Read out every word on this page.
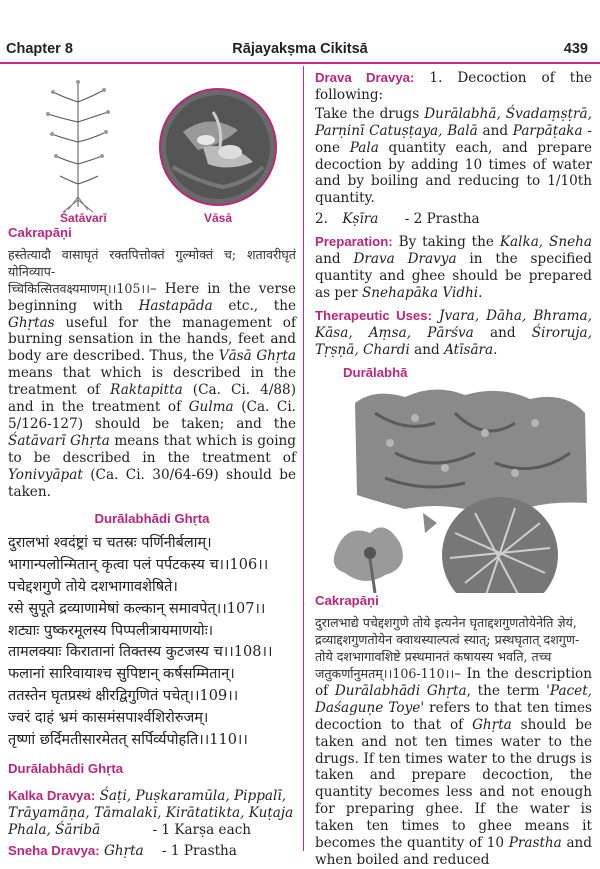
Chapter 8	Rājayakṣma Cikitsā	439
Śatāvarī	Vāsā
Cakrapāṇi
हस्तेत्यादौ वासाघृतं रक्तपित्तोक्तं गुल्मोक्तं च; शतावरीघृतं योनिव्याप-
च्चिकित्सितवक्ष्यमाणम्।।105।।– Here in the verse beginning with Hastapāda etc., the Ghṛtas useful for the management of burning sensation in the hands, feet and body are described. Thus, the Vāsā Ghṛta means that which is described in the treatment of Raktapitta (Ca. Ci. 4/88) and in the treatment of Gulma (Ca. Ci. 5/126-127) should be taken; and the Śatāvarī Ghṛta means that which is going to be described in the treatment of Yonivyāpat (Ca. Ci. 30/64-69) should be taken.
Durālabhādi Ghṛta
दुरालभां श्वदंष्ट्रां च चतस्रः पर्णिनीर्बलाम्।
भागान्पलोन्मितान् कृत्वा पलं पर्पटकस्य च।।106।।
पचेद्दशगुणे तोये दशभागावशेषिते।
रसे सुपूते द्रव्याणामेषां कल्कान् समावपेत्।।107।।
शट्याः पुष्करमूलस्य पिप्पलीत्रायमाणयोः।
तामलक्याः किरातानां तिक्तस्य कुटजस्य च।।108।।
फलानां सारिवायाश्च सुपिष्टान् कर्षसम्मितान्।
ततस्तेन घृतप्रस्थं क्षीरद्विगुणितं पचेत्।।109।।
ज्वरं दाहं भ्रमं कासमंसपार्श्वशिरोरुजम्।
तृष्णां छर्दिमतीसारमेतत् सर्पिर्व्यपोहति।।110।।
Durālabhādi Ghṛta
Kalka Dravya: Śaṭi, Puṣkaramūla, Pippalī, Trāyamāṇa, Tāmalakī, Kirātatikta, Kuṭaja Phala, Śāribā	- 1 Karṣa each
Sneha Dravya: Ghṛta - 1 Prastha
Drava Dravya: 1. Decoction of the following:
Take the drugs Durālabhā, Śvadaṃṣṭrā, Parṇinī Catuṣṭaya, Balā and Parpāṭaka - one Pala quantity each, and prepare decoction by adding 10 times of water and by boiling and reducing to 1/10th quantity.
2. Kṣīra - 2 Prastha
Preparation: By taking the Kalka, Sneha and Drava Dravya in the specified quantity and ghee should be prepared as per Snehapāka Vidhi.
Therapeutic Uses: Jvara, Dāha, Bhrama, Kāsa, Aṃsa, Pārśva and Śiroruja, Tṛṣṇā, Chardi and Atīsāra.
Durālabhā
Cakrapāṇi
दुरालभाद्ये पचेद्दशगुणे तोये इत्यनेन घृताद्दशगुणतोयेनेति ज्ञेयं,
द्रव्याद्दशगुणतोयेन क्वाथस्याल्पत्वं स्यात्; प्रस्थघृतात् दशगुण-
तोये दशभागावशिष्टे प्रस्थमानतं कषायस्य भवति, तच्च
जतुकर्णानुमतम्।।106-110।।– In the description of Durālabhādi Ghṛta, the term 'Pacet, Daśaguṇe Toye' refers to that ten times decoction to that of Ghṛta should be taken and not ten times water to the drugs. If ten times water to the drugs is taken and prepare decoction, the quantity becomes less and not enough for preparing ghee. If the water is taken ten times to ghee means it becomes the quantity of 10 Prastha and when boiled and reduced
